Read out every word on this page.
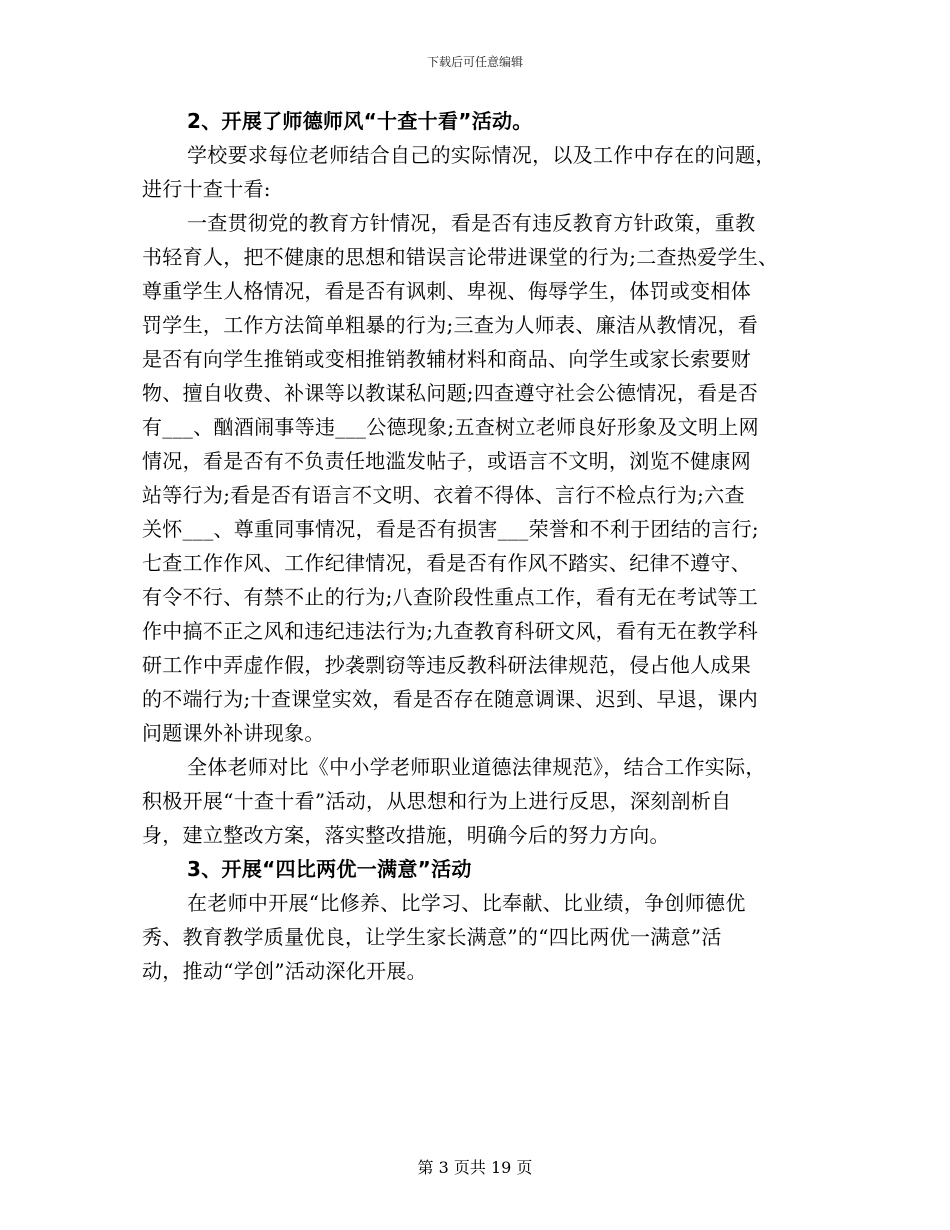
下载后可任意编辑
2、开展了师德师风“十查十看”活动。
学校要求每位老师结合自己的实际情况，以及工作中存在的问题，
进行十查十看:
一查贯彻党的教育方针情况，看是否有违反教育方针政策，重教
书轻育人，把不健康的思想和错误言论带进课堂的行为;二查热爱学生、
尊重学生人格情况，看是否有讽刺、卑视、侮辱学生，体罚或变相体
罚学生，工作方法简单粗暴的行为;三查为人师表、廉洁从教情况，看
是否有向学生推销或变相推销教辅材料和商品、向学生或家长索要财
物、擅自收费、补课等以教谋私问题;四查遵守社会公德情况，看是否
有___、酗酒闹事等违___公德现象;五查树立老师良好形象及文明上网
情况，看是否有不负责任地滥发帖子，或语言不文明，浏览不健康网
站等行为;看是否有语言不文明、衣着不得体、言行不检点行为;六查
关怀___、尊重同事情况，看是否有损害___荣誉和不利于团结的言行;
七查工作作风、工作纪律情况，看是否有作风不踏实、纪律不遵守、
有令不行、有禁不止的行为;八查阶段性重点工作，看有无在考试等工
作中搞不正之风和违纪违法行为;九查教育科研文风，看有无在教学科
研工作中弄虚作假，抄袭剽窃等违反教科研法律规范，侵占他人成果
的不端行为;十查课堂实效，看是否存在随意调课、迟到、早退，课内
问题课外补讲现象。
全体老师对比《中小学老师职业道德法律规范》，结合工作实际，
积极开展“十查十看”活动，从思想和行为上进行反思，深刻剖析自
身，建立整改方案，落实整改措施，明确今后的努力方向。
3、开展“四比两优一满意”活动
在老师中开展“比修养、比学习、比奉献、比业绩，争创师德优
秀、教育教学质量优良，让学生家长满意”的“四比两优一满意”活
动，推动“学创”活动深化开展。
第 3 页共 19 页
